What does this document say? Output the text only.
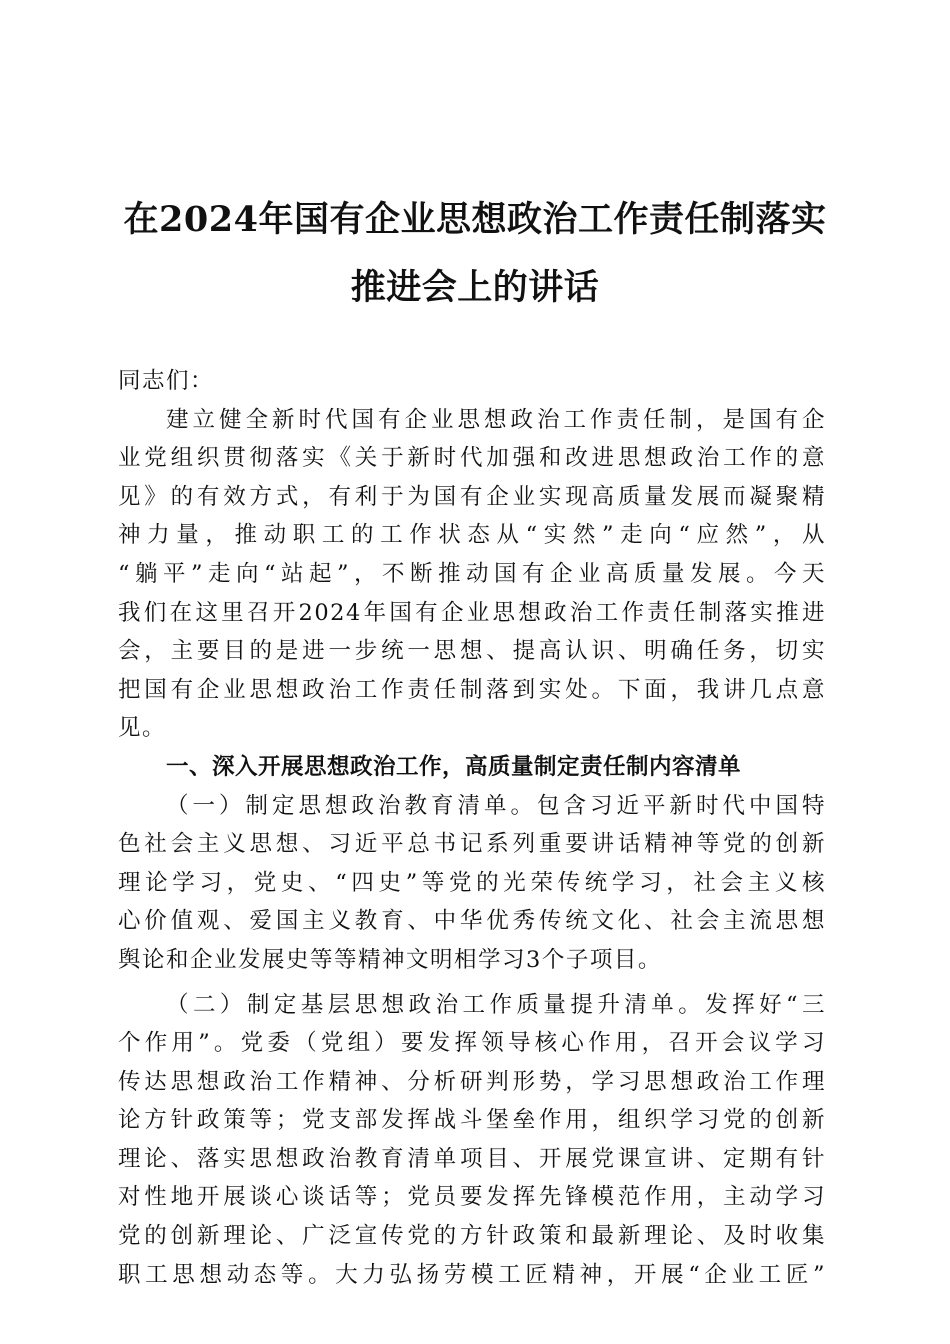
在2024年国有企业思想政治工作责任制落实
推进会上的讲话
同志们：
建立健全新时代国有企业思想政治工作责任制，是国有企
业党组织贯彻落实《关于新时代加强和改进思想政治工作的意
见》的有效方式，有利于为国有企业实现高质量发展而凝聚精
神力量，推动职工的工作状态从“实然”走向“应然”，从
“躺平”走向“站起”，不断推动国有企业高质量发展。今天
我们在这里召开2024年国有企业思想政治工作责任制落实推进
会，主要目的是进一步统一思想、提高认识、明确任务，切实
把国有企业思想政治工作责任制落到实处。下面，我讲几点意
见。
一、深入开展思想政治工作，高质量制定责任制内容清单
（一）制定思想政治教育清单。包含习近平新时代中国特
色社会主义思想、习近平总书记系列重要讲话精神等党的创新
理论学习，党史、“四史”等党的光荣传统学习，社会主义核
心价值观、爱国主义教育、中华优秀传统文化、社会主流思想
舆论和企业发展史等等精神文明相学习3个子项目。
（二）制定基层思想政治工作质量提升清单。发挥好“三
个作用”。党委（党组）要发挥领导核心作用，召开会议学习
传达思想政治工作精神、分析研判形势，学习思想政治工作理
论方针政策等；党支部发挥战斗堡垒作用，组织学习党的创新
理论、落实思想政治教育清单项目、开展党课宣讲、定期有针
对性地开展谈心谈话等；党员要发挥先锋模范作用，主动学习
党的创新理论、广泛宣传党的方针政策和最新理论、及时收集
职工思想动态等。大力弘扬劳模工匠精神，开展“企业工匠”
